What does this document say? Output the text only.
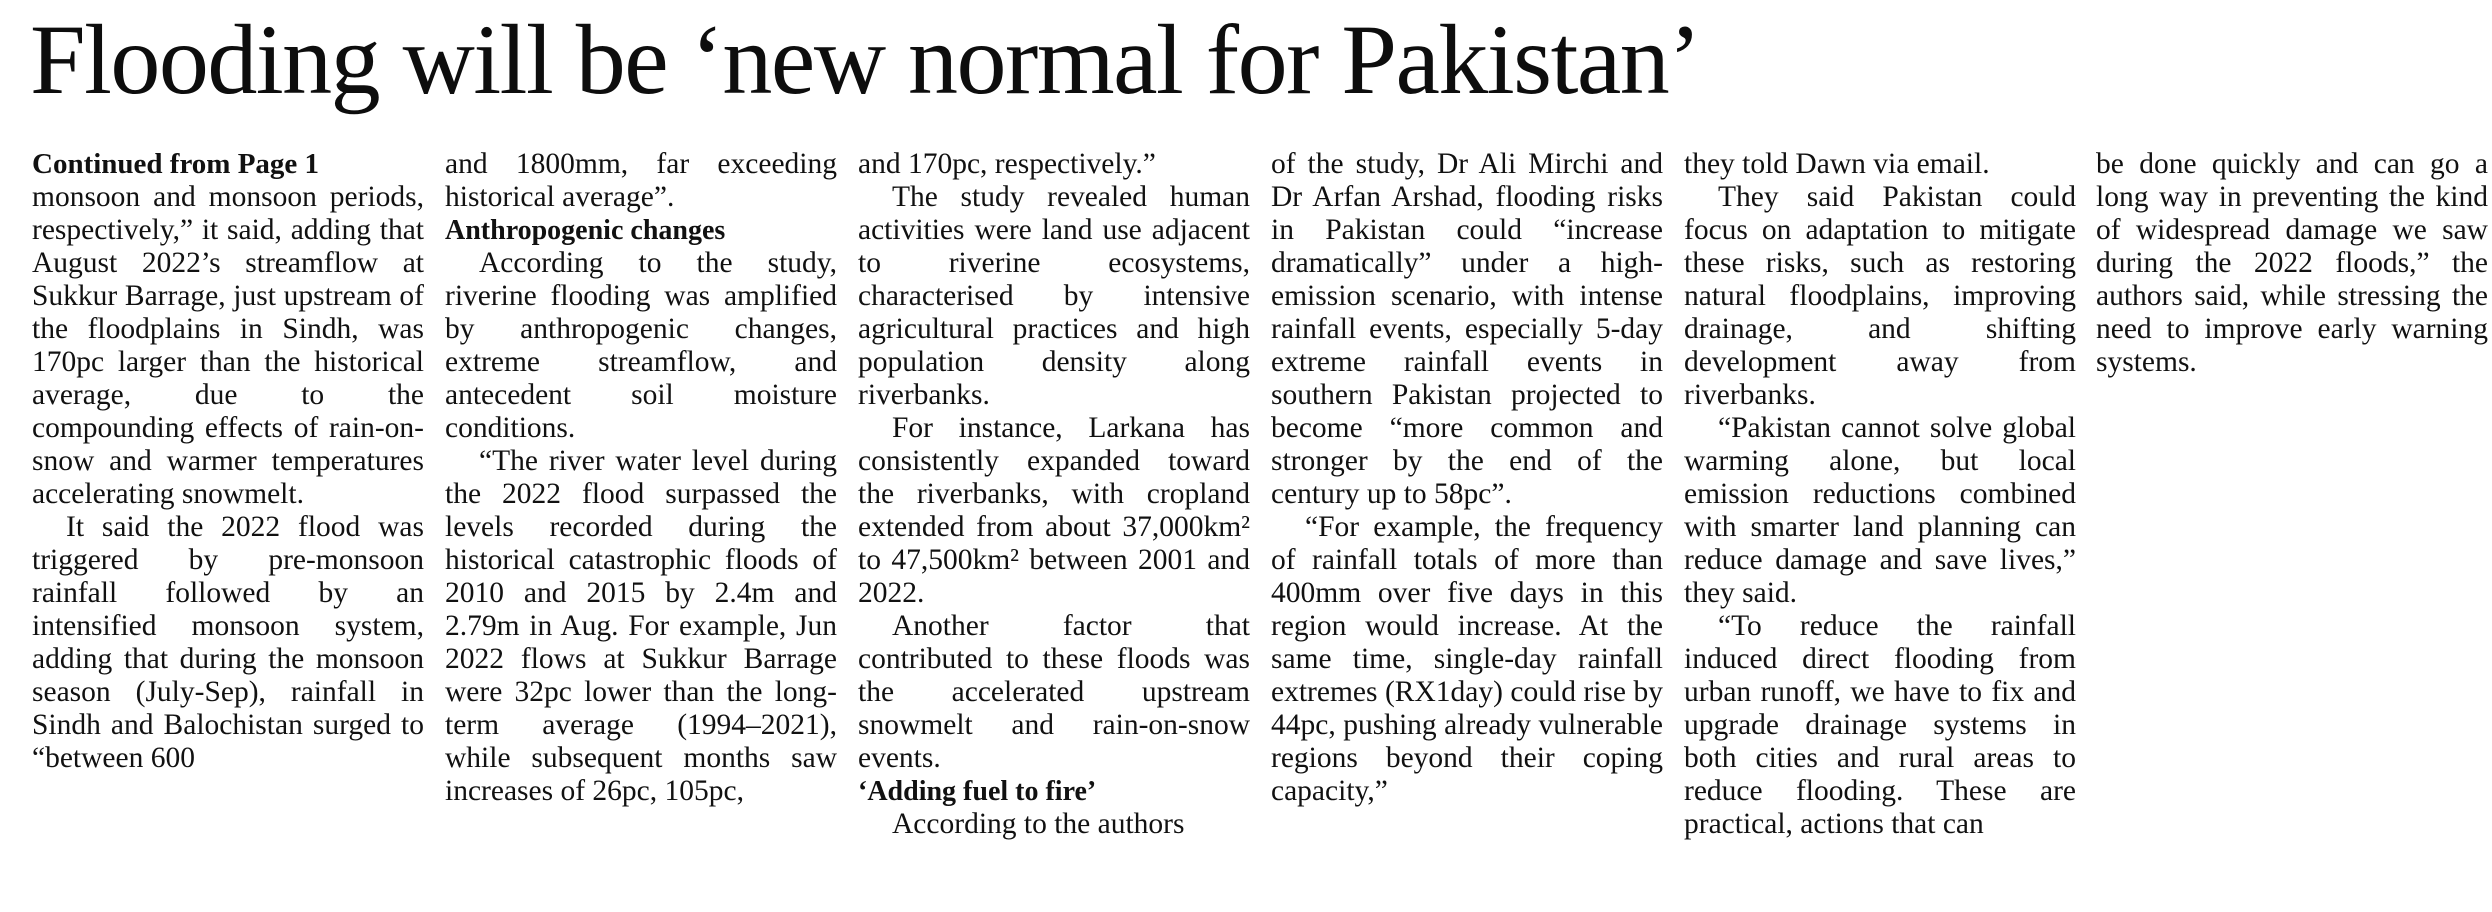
Flooding will be ‘new normal for Pakistan’
Continued from Page 1

monsoon and monsoon periods, respectively,” it said, adding that August 2022’s streamflow at Sukkur Barrage, just upstream of the floodplains in Sindh, was 170pc larger than the historical average, due to the compounding effects of rain-on-snow and warmer temperatures accelerating snowmelt.

It said the 2022 flood was triggered by pre-monsoon rainfall followed by an intensified monsoon system, adding that during the monsoon season (July-Sep), rainfall in Sindh and Balochistan surged to “between 600

and 1800mm, far exceeding historical average”.

Anthropogenic changes

According to the study, riverine flooding was amplified by anthropogenic changes, extreme streamflow, and antecedent soil moisture conditions.

“The river water level during the 2022 flood surpassed the levels recorded during the historical catastrophic floods of 2010 and 2015 by 2.4m and 2.79m in Aug. For example, Jun 2022 flows at Sukkur Barrage were 32pc lower than the long-term average (1994–2021), while subsequent months saw increases of 26pc, 105pc,

and 170pc, respectively.”

The study revealed human activities were land use adjacent to riverine ecosystems, characterised by intensive agricultural practices and high population density along riverbanks.

For instance, Larkana has consistently expanded toward the riverbanks, with cropland extended from about 37,000km² to 47,500km² between 2001 and 2022.

Another factor that contributed to these floods was the accelerated upstream snowmelt and rain-on-snow events.

‘Adding fuel to fire’

According to the authors

of the study, Dr Ali Mirchi and Dr Arfan Arshad, flooding risks in Pakistan could “increase dramatically” under a high-emission scenario, with intense rainfall events, especially 5-day extreme rainfall events in southern Pakistan projected to become “more common and stronger by the end of the century up to 58pc”.

“For example, the frequency of rainfall totals of more than 400mm over five days in this region would increase. At the same time, single-day rainfall extremes (RX1day) could rise by 44pc, pushing already vulnerable regions beyond their coping capacity,”

they told Dawn via email.

They said Pakistan could focus on adaptation to mitigate these risks, such as restoring natural floodplains, improving drainage, and shifting development away from riverbanks.

“Pakistan cannot solve global warming alone, but local emission reductions combined with smarter land planning can reduce damage and save lives,” they said.

“To reduce the rainfall induced direct flooding from urban runoff, we have to fix and upgrade drainage systems in both cities and rural areas to reduce flooding. These are practical, actions that can

be done quickly and can go a long way in preventing the kind of widespread damage we saw during the 2022 floods,” the authors said, while stressing the need to improve early warning systems.
